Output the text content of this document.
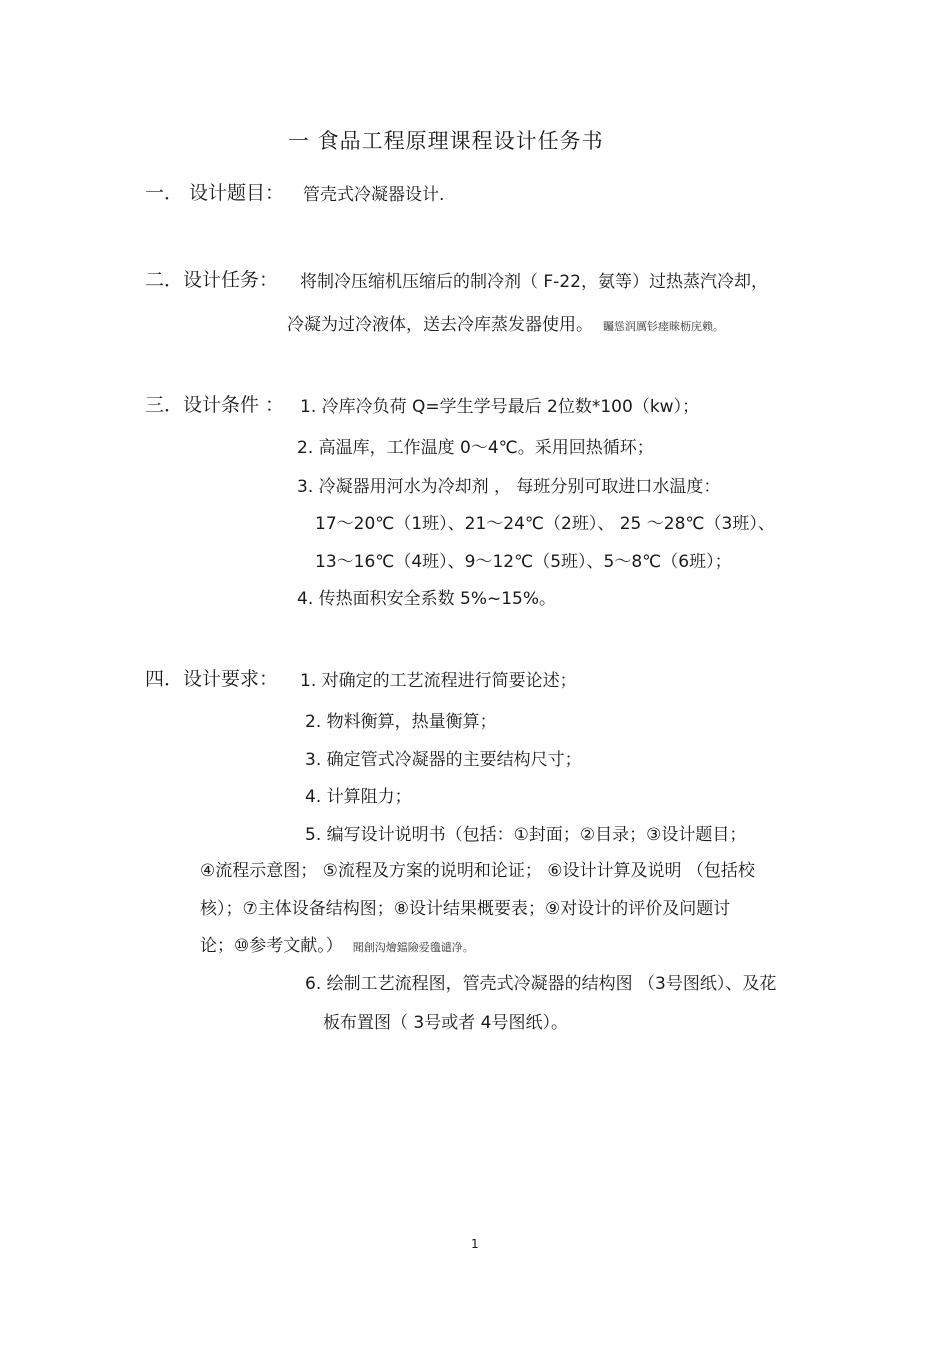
一 食品工程原理课程设计任务书
一． 设计题目： 管壳式冷凝器设计.
二．设计任务： 将制冷压缩机压缩后的制冷剂（ F-22，氨等）过热蒸汽冷却，
冷凝为过冷液体，送去冷库蒸发器使用。 矚慫润厲钐瘗睞枥庑赖。
三．设计条件 ： 1. 冷库冷负荷 Q=学生学号最后 2位数*100（kw）；
2. 高温库，工作温度 0～4℃。采用回热循环；
3. 冷凝器用河水为冷却剂 ， 每班分别可取进口水温度：
17～20℃（1班）、21～24℃（2班）、 25 ～28℃（3班）、
13～16℃（4班）、9～12℃（5班）、5～8℃（6班）；
4. 传热面积安全系数 5%~15%。
四．设计要求： 1. 对确定的工艺流程进行简要论述；
2. 物料衡算，热量衡算；
3. 确定管式冷凝器的主要结构尺寸；
4. 计算阻力；
5. 编写设计说明书（包括：①封面；②目录；③设计题目；
④流程示意图； ⑤流程及方案的说明和论证； ⑥设计计算及说明 （包括校
核）；⑦主体设备结构图；⑧设计结果概要表；⑨对设计的评价及问题讨
论；⑩参考文献。） 聞創沟燴鐺險爱氇谴净。
6. 绘制工艺流程图，管壳式冷凝器的结构图 （3号图纸）、及花
板布置图（ 3号或者 4号图纸）。
1
